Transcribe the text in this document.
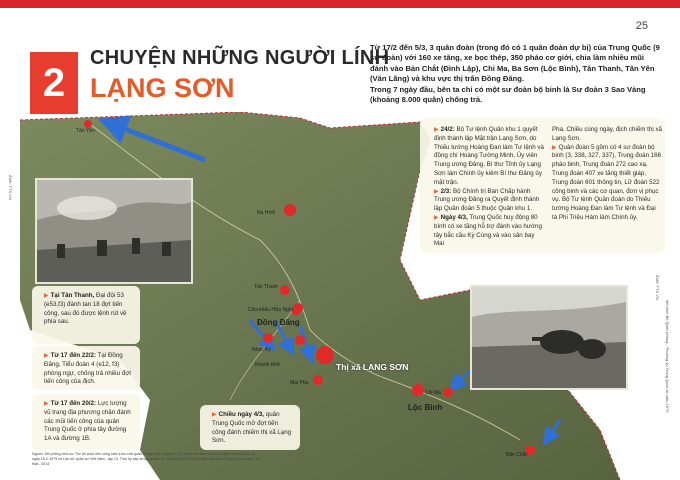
25
2
CHUYỆN NHỮNG NGƯỜI LÍNH
LẠNG SƠN

Từ 17/2 đến 5/3, 3 quân đoàn (trong đó có 1 quân đoàn dự bị) của Trung Quốc (9 sư đoàn) với 160 xe tăng, xe bọc thép, 350 pháo cơ giới, chia làm nhiều mũi đánh vào Bản Chắt (Đình Lập), Chi Ma, Ba Sơn (Lộc Bình), Tân Thanh, Tân Yên (Văn Lãng) và khu vực thị trấn Đồng Đăng.

Trong 7 ngày đầu, bên ta chỉ có một sư đoàn bộ binh là Sư đoàn 3 Sao Vàng (khoảng 8.000 quân) chống trả.

Tân Yên
Na Hình
Tân Thanh
Cửa khẩu Hữu Nghị
Đồng Đăng
Nhạc Kỳ
Khánh Khê
Mai Pha
Thị xã LẠNG SƠN
Chi Ma
Lộc Bình
Bản Chắt
ẢNH: TTX VN
ẢNH: TTX VN
Mô hình Bộ Quốc phòng - Thường vụ Trung Quốc từ năm 1979
▶ 24/2: Bộ Tư lệnh Quân khu 1 quyết định thành lập Mặt trận Lạng Sơn, do Thiếu tướng Hoàng Đan làm Tư lệnh và đồng chí Hoàng Tường Minh, Ủy viên Trung ương Đảng, Bí thư Tỉnh ủy Lạng Sơn làm Chính ủy kiêm Bí thư Đảng ủy mặt trận.
▶ 2/3: Bộ Chính trị Ban Chấp hành Trung ương Đảng ra Quyết định thành lập Quân đoàn 5 thuộc Quân khu 1.
▶ Ngày 4/3, Trung Quốc huy động 80 bình có xe tăng hỗ trợ đánh vào hướng tây bắc cầu Kỳ Cùng và vào sân bay Mai
Pha. Chiều cùng ngày, địch chiếm thị xã Lạng Sơn.
▶ Quân đoàn 5 gồm có 4 sư đoàn bộ binh (3, 338, 327, 337), Trung đoàn 166 pháo binh, Trung đoàn 272 cao xạ, Trung đoàn 407 xe tăng thiết giáp, Trung đoàn 601 thông tin, Lữ đoàn 522 công binh và các cơ quan, đơn vị phục vụ. Bộ Tư lệnh Quân đoàn do Thiếu tướng Hoàng Đan làm Tư lệnh và Đại tá Phi Triệu Hàm làm Chính ủy.
▶ Tại Tân Thanh, Đại đội 53 (e53,f3) đánh tan 18 đợt tiến công, sau đó được lệnh rút về phía sau.
▶ Từ 17 đến 22/2: Tại Đồng Đăng, Tiểu đoàn 4 (e12, f3) phòng ngự, chống trả nhiều đợt tiến công của địch.
▶ Từ 17 đến 20/2: Lực lượng vũ trang địa phương chặn đánh các mũi tiến công của quân Trung Quốc ở phía tây đường 1A và đường 1B.
▶ Chiều ngày 4/3, quân Trung Quốc mở đợt tiến công đánh chiếm thị xã Lạng Sơn.
Nguồn: Mô phỏng bình sơ "Sơ đồ cuộc tiến công xâm lược của quân Trung Quốc (ngày 17-2)" dựng trên bản Quân đội Nhân dân số 8-6, số ngày 18-2-1979 và Lịch sử quân sự Việt Nam - tập 13, Thời kỳ xây dựng và bảo vệ Tổ quốc (1975-2000), Nhà xuất bản Chính trị Quốc gia - Sự thật - 2014
